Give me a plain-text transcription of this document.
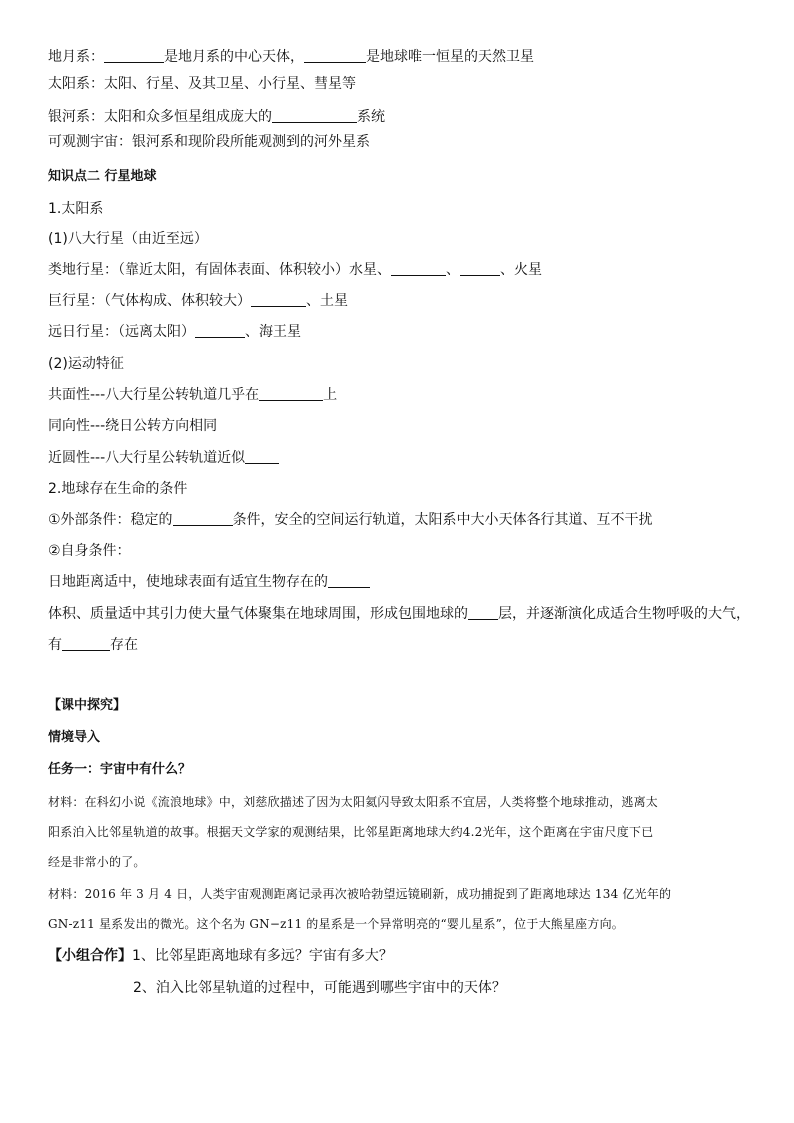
地月系：	是地月系的中心天体，	是地球唯一恒星的天然卫星
太阳系：太阳、行星、及其卫星、小行星、彗星等
银河系：太阳和众多恒星组成庞大的	系统
可观测宇宙：银河系和现阶段所能观测到的河外星系
知识点二 行星地球
1.太阳系
(1)八大行星（由近至远）
类地行星：（靠近太阳，有固体表面、体积较小）水星、	、	、火星
巨行星：（气体构成、体积较大）	、土星
远日行星：（远离太阳）	、海王星
(2)运动特征
共面性---八大行星公转轨道几乎在	上
同向性---绕日公转方向相同
近圆性---八大行星公转轨道近似
2.地球存在生命的条件
①外部条件：稳定的	条件，安全的空间运行轨道，太阳系中大小天体各行其道、互不干扰
②自身条件：
日地距离适中，使地球表面有适宜生物存在的
体积、质量适中其引力使大量气体聚集在地球周围，形成包围地球的 层，并逐渐演化成适合生物呼吸的大气，
有	存在
【课中探究】
情境导入
任务一：宇宙中有什么？
材料：在科幻小说《流浪地球》中，刘慈欣描述了因为太阳氦闪导致太阳系不宜居，人类将整个地球推动，逃离太
阳系泊入比邻星轨道的故事。根据天文学家的观测结果，比邻星距离地球大约4.2光年，这个距离在宇宙尺度下已
经是非常小的了。
材料：2016 年 3 月 4 日，人类宇宙观测距离记录再次被哈勃望远镜刷新，成功捕捉到了距离地球达 134 亿光年的
GN-z11 星系发出的微光。这个名为 GN−z11 的星系是一个异常明亮的“婴儿星系”，位于大熊星座方向。
【小组合作】1、比邻星距离地球有多远？宇宙有多大？
2、泊入比邻星轨道的过程中，可能遇到哪些宇宙中的天体？
